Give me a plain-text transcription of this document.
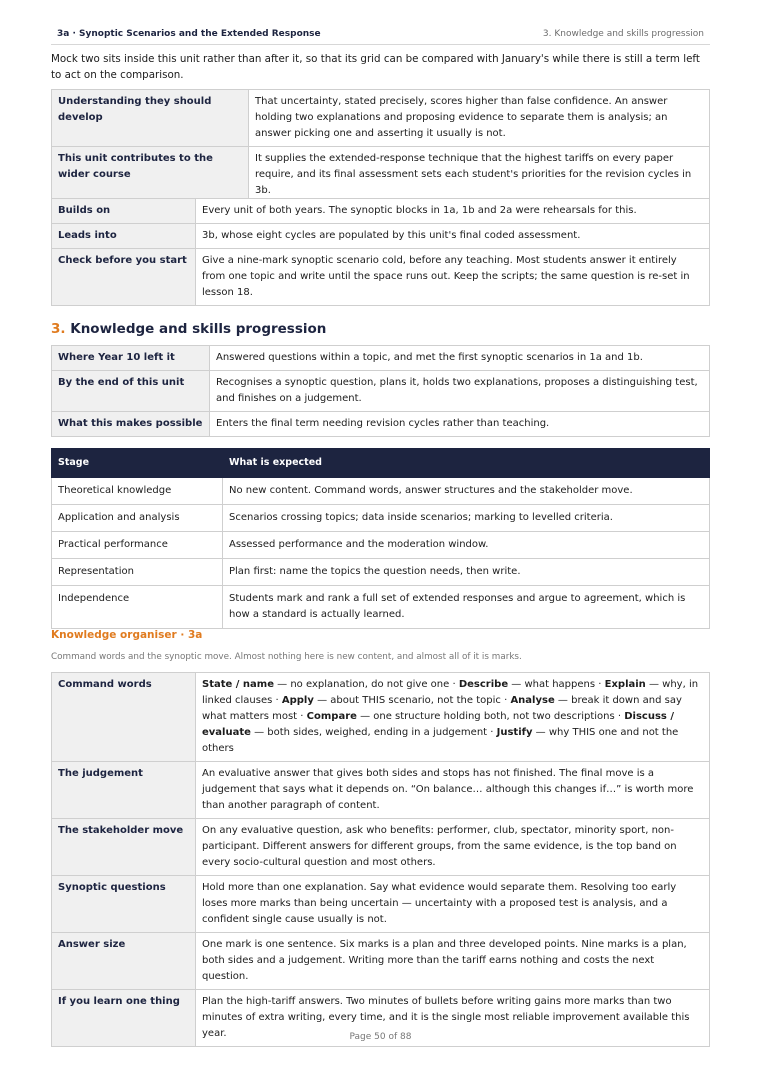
3a · Synoptic Scenarios and the Extended Response	3. Knowledge and skills progression

Mock two sits inside this unit rather than after it, so that its grid can be compared with January's while there is still a term left to act on the comparison.

Understanding they should develop	That uncertainty, stated precisely, scores higher than false confidence. An answer holding two explanations and proposing evidence to separate them is analysis; an answer picking one and asserting it usually is not.
This unit contributes to the wider course	It supplies the extended-response technique that the highest tariffs on every paper require, and its final assessment sets each student's priorities for the revision cycles in 3b.
Builds on	Every unit of both years. The synoptic blocks in 1a, 1b and 2a were rehearsals for this.
Leads into	3b, whose eight cycles are populated by this unit's final coded assessment.
Check before you start	Give a nine-mark synoptic scenario cold, before any teaching. Most students answer it entirely from one topic and write until the space runs out. Keep the scripts; the same question is re-set in lesson 18.
3. Knowledge and skills progression
Where Year 10 left it	Answered questions within a topic, and met the first synoptic scenarios in 1a and 1b.
By the end of this unit	Recognises a synoptic question, plans it, holds two explanations, proposes a distinguishing test, and finishes on a judgement.
What this makes possible	Enters the final term needing revision cycles rather than teaching.
Stage	What is expected
Theoretical knowledge	No new content. Command words, answer structures and the stakeholder move.
Application and analysis	Scenarios crossing topics; data inside scenarios; marking to levelled criteria.
Practical performance	Assessed performance and the moderation window.
Representation	Plan first: name the topics the question needs, then write.
Independence	Students mark and rank a full set of extended responses and argue to agreement, which is how a standard is actually learned.
Knowledge organiser · 3a

Command words and the synoptic move. Almost nothing here is new content, and almost all of it is marks.

Command words	State / name — no explanation, do not give one · Describe — what happens · Explain — why, in linked clauses · Apply — about THIS scenario, not the topic · Analyse — break it down and say what matters most · Compare — one structure holding both, not two descriptions · Discuss / evaluate — both sides, weighed, ending in a judgement · Justify — why THIS one and not the others
The judgement	An evaluative answer that gives both sides and stops has not finished. The final move is a judgement that says what it depends on. “On balance… although this changes if…” is worth more than another paragraph of content.
The stakeholder move	On any evaluative question, ask who benefits: performer, club, spectator, minority sport, non-participant. Different answers for different groups, from the same evidence, is the top band on every socio-cultural question and most others.
Synoptic questions	Hold more than one explanation. Say what evidence would separate them. Resolving too early loses more marks than being uncertain — uncertainty with a proposed test is analysis, and a confident single cause usually is not.
Answer size	One mark is one sentence. Six marks is a plan and three developed points. Nine marks is a plan, both sides and a judgement. Writing more than the tariff earns nothing and costs the next question.
If you learn one thing	Plan the high-tariff answers. Two minutes of bullets before writing gains more marks than two minutes of extra writing, every time, and it is the single most reliable improvement available this year.	Page 50 of 88
